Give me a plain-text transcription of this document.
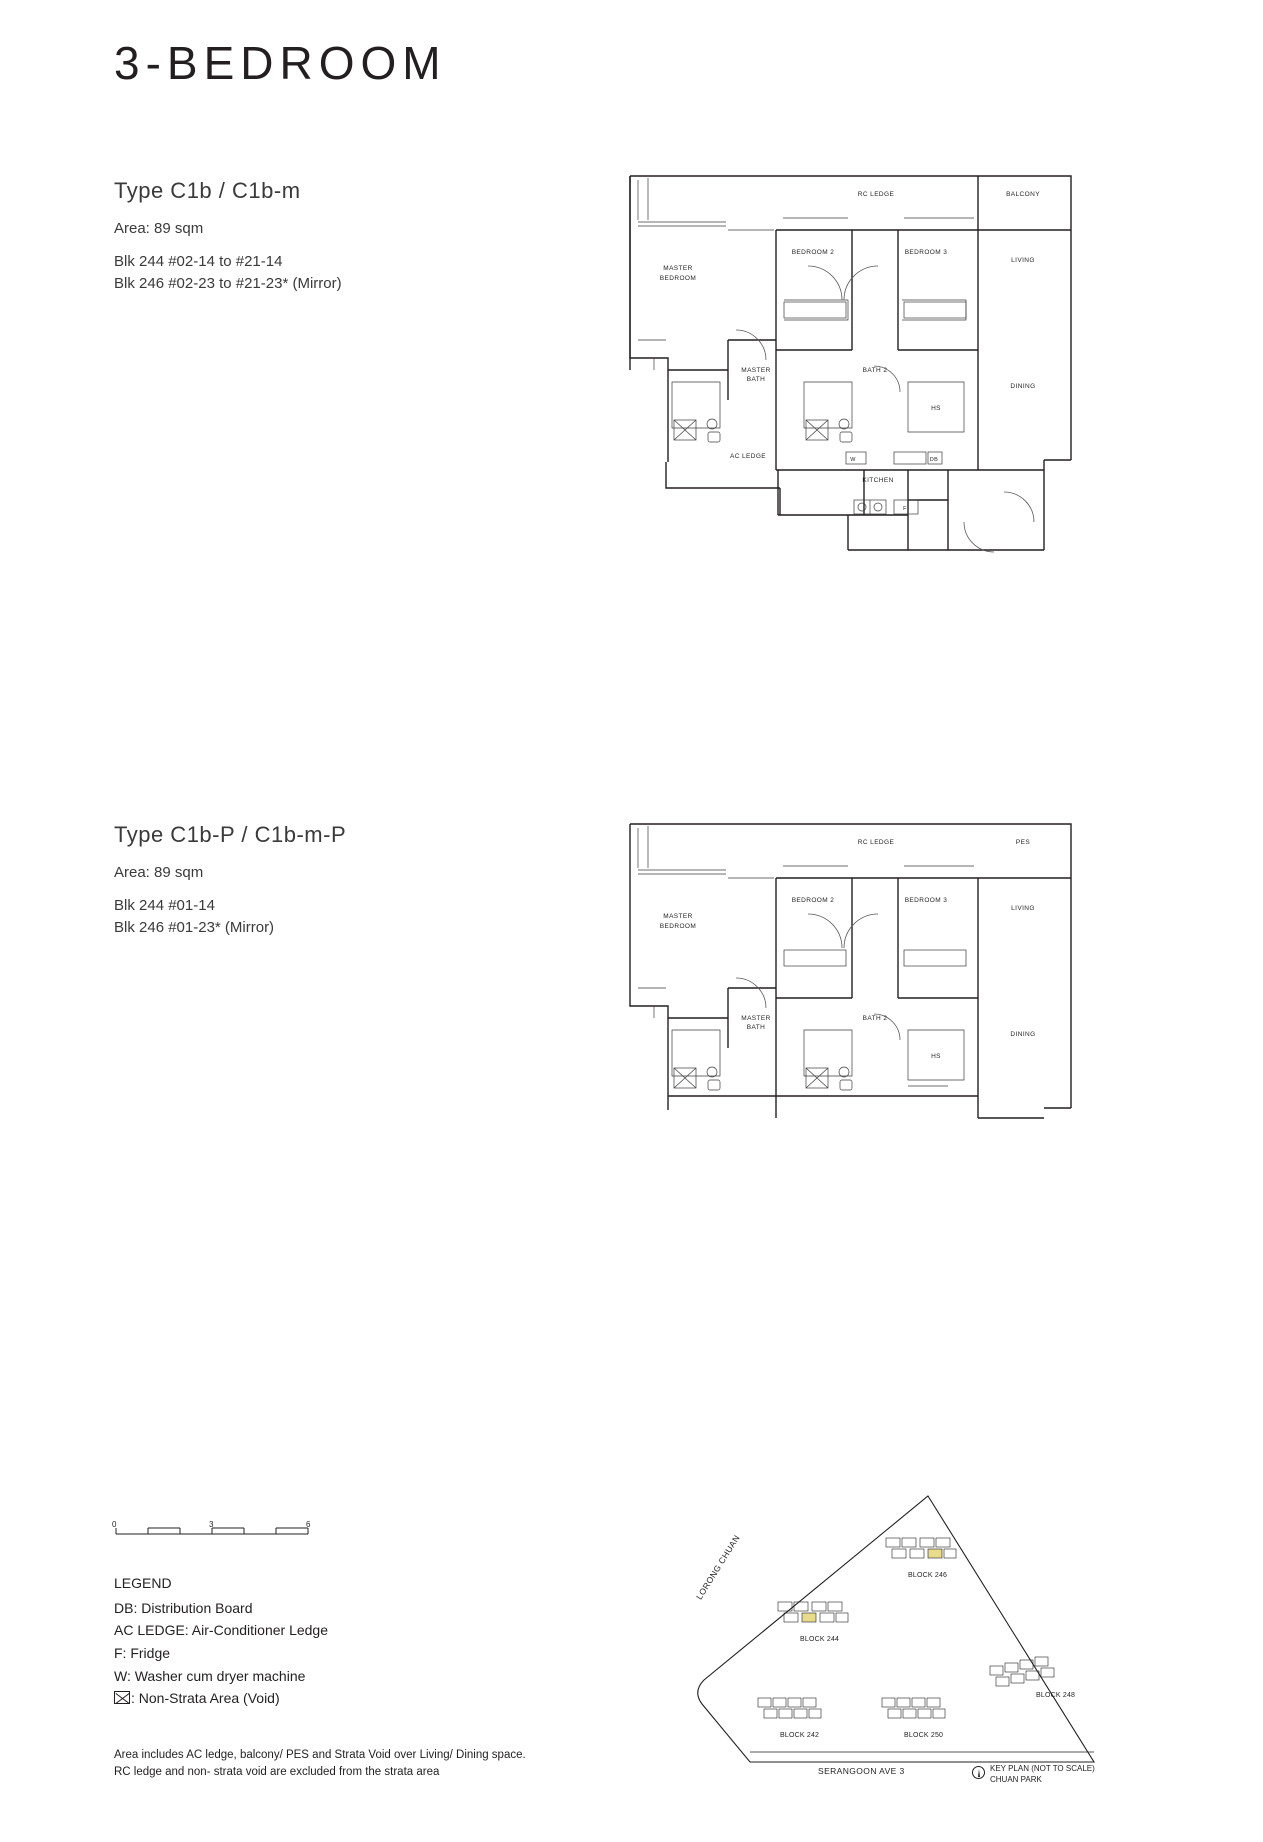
3-BEDROOM
Type C1b / C1b-m
Area: 89 sqm
Blk 244 #02-14 to #21-14
Blk 246 #02-23 to #21-23* (Mirror)
RC LEDGE	BALCONY
MASTER
BEDROOM
BEDROOM 2	BEDROOM 3
LIVING
DINING
MASTER
BATH
BATH 2
HS
AC LEDGE
KITCHEN
W	DB
F
Type C1b-P / C1b-m-P
Area: 89 sqm
Blk 244 #01-14
Blk 246 #01-23* (Mirror)
RC LEDGE	PES
MASTER
BEDROOM
BEDROOM 2	BEDROOM 3
LIVING
DINING
MASTER
BATH
BATH 2
HS
0	3	6
LEGEND
DB: Distribution Board
AC LEDGE: Air-Conditioner Ledge
F: Fridge
W: Washer cum dryer machine
: Non-Strata Area (Void)
Area includes AC ledge, balcony/ PES and Strata Void over Living/ Dining space.
RC ledge and non- strata void are excluded from the strata area
BLOCK 246
BLOCK 244
BLOCK 248
BLOCK 242	BLOCK 250
LORONG CHUAN
SERANGOON AVE 3	KEY PLAN (NOT TO SCALE)
CHUAN PARK
